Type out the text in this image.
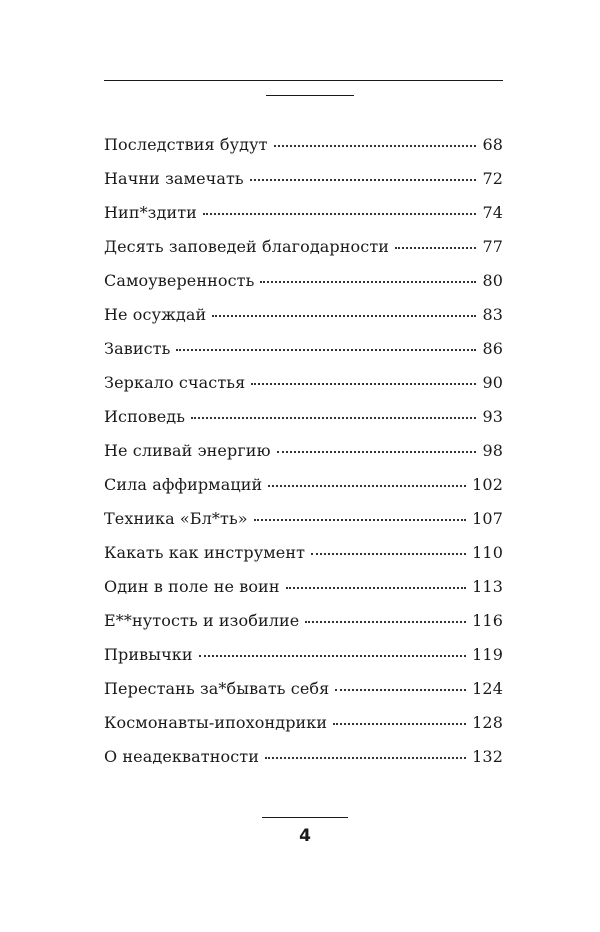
Последствия будут	68
Начни замечать	72
Нип*здити	74
Десять заповедей благодарности	77
Самоуверенность	80
Не осуждай	83
Зависть	86
Зеркало счастья	90
Исповедь	93
Не сливай энергию	98
Сила аффирмаций	102
Техника «Бл*ть»	107
Какать как инструмент	110
Один в поле не воин	113
Е**нутость и изобилие	116
Привычки	119
Перестань за*бывать себя	124
Космонавты-ипохондрики	128
О неадекватности	132
4
